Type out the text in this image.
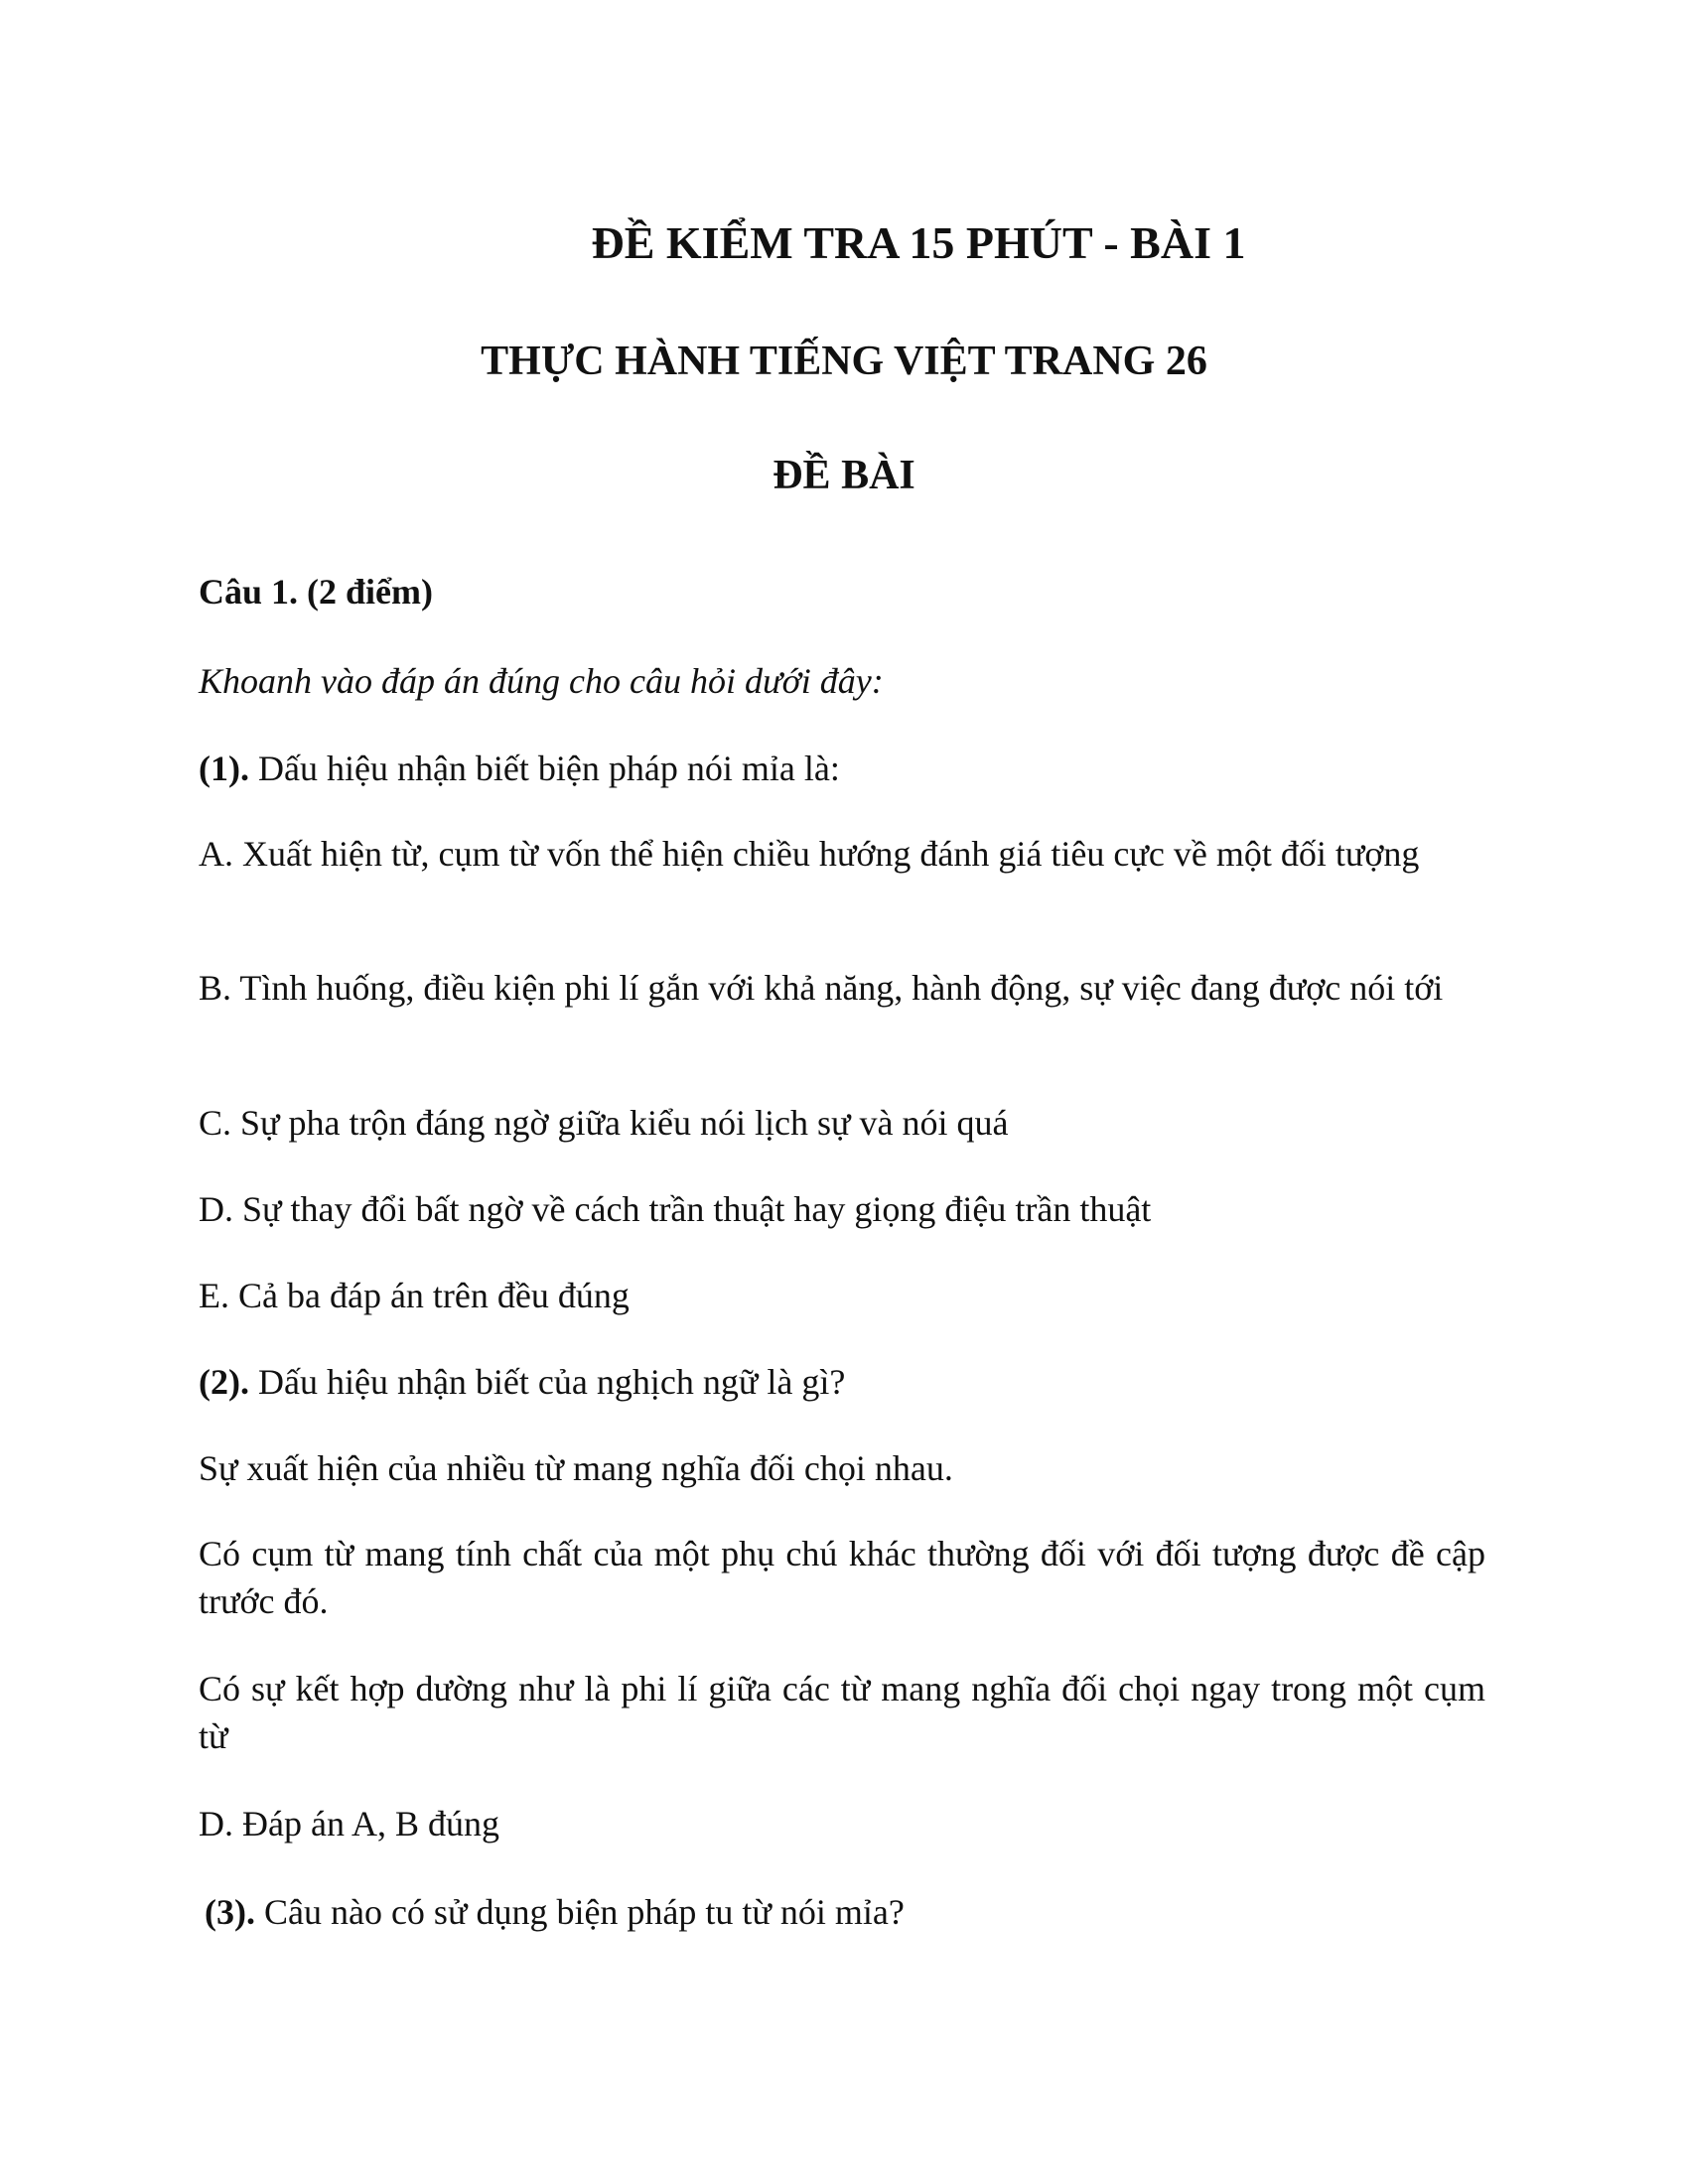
ĐỀ KIỂM TRA 15 PHÚT - BÀI 1
THỰC HÀNH TIẾNG VIỆT TRANG 26
ĐỀ BÀI

Câu 1. (2 điểm)

Khoanh vào đáp án đúng cho câu hỏi dưới đây:

(1). Dấu hiệu nhận biết biện pháp nói mỉa là:

A. Xuất hiện từ, cụm từ vốn thể hiện chiều hướng đánh giá tiêu cực về một đối tượng

B. Tình huống, điều kiện phi lí gắn với khả năng, hành động, sự việc đang được nói tới

C. Sự pha trộn đáng ngờ giữa kiểu nói lịch sự và nói quá

D. Sự thay đổi bất ngờ về cách trần thuật hay giọng điệu trần thuật

E. Cả ba đáp án trên đều đúng

(2). Dấu hiệu nhận biết của nghịch ngữ là gì?

Sự xuất hiện của nhiều từ mang nghĩa đối chọi nhau.

Có cụm từ mang tính chất của một phụ chú khác thường đối với đối tượng được đề cập trước đó.

Có sự kết hợp dường như là phi lí giữa các từ mang nghĩa đối chọi ngay trong một cụm từ

D. Đáp án A, B đúng

(3). Câu nào có sử dụng biện pháp tu từ nói mỉa?
